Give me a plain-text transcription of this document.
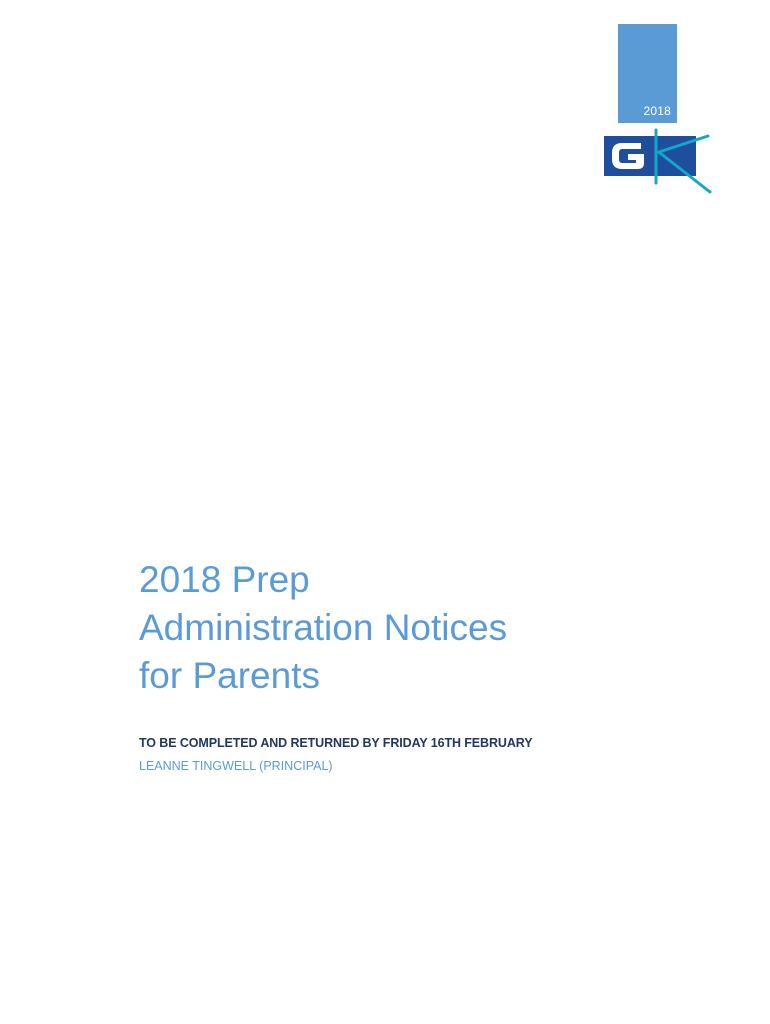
2018
2018 Prep
Administration Notices
for Parents
TO BE COMPLETED AND RETURNED BY FRIDAY 16TH FEBRUARY
LEANNE TINGWELL (PRINCIPAL)
